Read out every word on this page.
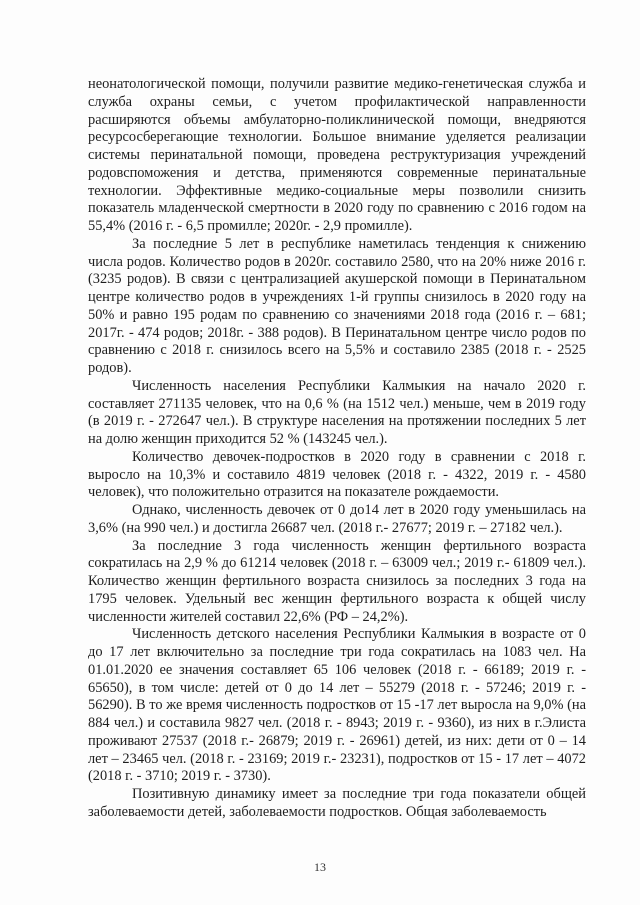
неонатологической помощи, получили развитие медико-генетическая служба и служба охраны семьи, с учетом профилактической направленности расширяются объемы амбулаторно-поликлинической помощи, внедряются ресурсосберегающие технологии. Большое внимание уделяется реализации системы перинатальной помощи, проведена реструктуризация учреждений родовспоможения и детства, применяются современные перинатальные технологии. Эффективные медико-социальные меры позволили снизить показатель младенческой смертности в 2020 году по сравнению с 2016 годом на 55,4% (2016 г. - 6,5 промилле; 2020г. - 2,9 промилле).

За последние 5 лет в республике наметилась тенденция к снижению числа родов. Количество родов в 2020г. составило 2580, что на 20% ниже 2016 г. (3235 родов). В связи с централизацией акушерской помощи в Перинатальном центре количество родов в учреждениях 1-й группы снизилось в 2020 году на 50% и равно 195 родам по сравнению со значениями 2018 года (2016 г. – 681; 2017г. - 474 родов; 2018г. - 388 родов). В Перинатальном центре число родов по сравнению с 2018 г. снизилось всего на 5,5% и составило 2385 (2018 г. - 2525 родов).

Численность населения Республики Калмыкия на начало 2020 г. составляет 271135 человек, что на 0,6 % (на 1512 чел.) меньше, чем в 2019 году (в 2019 г. - 272647 чел.). В структуре населения на протяжении последних 5 лет на долю женщин приходится 52 % (143245 чел.).

Количество девочек-подростков в 2020 году в сравнении с 2018 г. выросло на 10,3% и составило 4819 человек (2018 г. - 4322, 2019 г. - 4580 человек), что положительно отразится на показателе рождаемости.

Однако, численность девочек от 0 до14 лет в 2020 году уменьшилась на 3,6% (на 990 чел.) и достигла 26687 чел. (2018 г.- 27677; 2019 г. – 27182 чел.).

За последние 3 года численность женщин фертильного возраста сократилась на 2,9 % до 61214 человек (2018 г. – 63009 чел.; 2019 г.- 61809 чел.). Количество женщин фертильного возраста снизилось за последних 3 года на 1795 человек. Удельный вес женщин фертильного возраста к общей числу численности жителей составил 22,6% (РФ – 24,2%).

Численность детского населения Республики Калмыкия в возрасте от 0 до 17 лет включительно за последние три года сократилась на 1083 чел. На 01.01.2020 ее значения составляет 65 106 человек (2018 г. - 66189; 2019 г. - 65650), в том числе: детей от 0 до 14 лет – 55279 (2018 г. - 57246; 2019 г. - 56290). В то же время численность подростков от 15 -17 лет выросла на 9,0% (на 884 чел.) и составила 9827 чел. (2018 г. - 8943; 2019 г. - 9360), из них в г.Элиста проживают 27537 (2018 г.- 26879; 2019 г. - 26961) детей, из них: дети от 0 – 14 лет – 23465 чел. (2018 г. - 23169; 2019 г.- 23231), подростков от 15 - 17 лет – 4072 (2018 г. - 3710; 2019 г. - 3730).

Позитивную динамику имеет за последние три года показатели общей заболеваемости детей, заболеваемости подростков. Общая заболеваемость

13
